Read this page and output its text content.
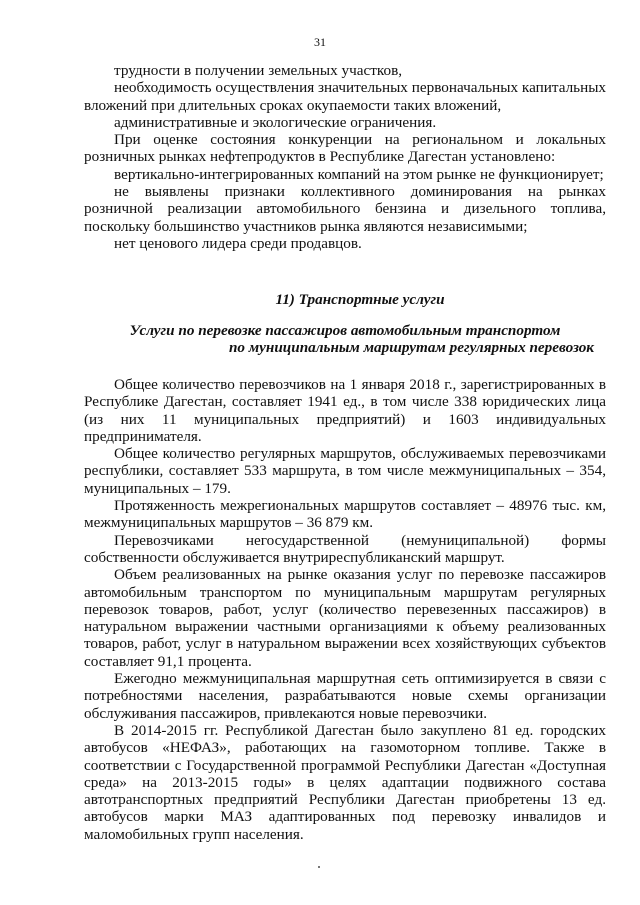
31

трудности в получении земельных участков,

необходимость осуществления значительных первоначальных капитальных вложений при длительных сроках окупаемости таких вложений,

административные и экологические ограничения.

При оценке состояния конкуренции на региональном и локальных розничных рынках нефтепродуктов в Республике Дагестан установлено:

вертикально-интегрированных компаний на этом рынке не функционирует;

не выявлены признаки коллективного доминирования на рынках розничной реализации автомобильного бензина и дизельного топлива, поскольку большинство участников рынка являются независимыми;

нет ценового лидера среди продавцов.

11) Транспортные услуги

Услуги по перевозке пассажиров автомобильным транспортом
по муниципальным маршрутам регулярных перевозок

Общее количество перевозчиков на 1 января 2018 г., зарегистрированных в Республике Дагестан, составляет 1941 ед., в том числе 338 юридических лица (из них 11 муниципальных предприятий) и 1603 индивидуальных предпринимателя.

Общее количество регулярных маршрутов, обслуживаемых перевозчиками республики, составляет 533 маршрута, в том числе межмуниципальных – 354, муниципальных – 179.

Протяженность межрегиональных маршрутов составляет – 48976 тыс. км, межмуниципальных маршрутов – 36 879 км.

Перевозчиками негосударственной (немуниципальной) формы собственности обслуживается внутриреспубликанский маршрут.

Объем реализованных на рынке оказания услуг по перевозке пассажиров автомобильным транспортом по муниципальным маршрутам регулярных перевозок товаров, работ, услуг (количество перевезенных пассажиров) в натуральном выражении частными организациями к объему реализованных товаров, работ, услуг в натуральном выражении всех хозяйствующих субъектов составляет 91,1 процента.

Ежегодно межмуниципальная маршрутная сеть оптимизируется в связи с потребностями населения, разрабатываются новые схемы организации обслуживания пассажиров, привлекаются новые перевозчики.

В 2014-2015 гг. Республикой Дагестан было закуплено 81 ед. городских автобусов «НЕФАЗ», работающих на газомоторном топливе. Также в соответствии с Государственной программой Республики Дагестан «Доступная среда» на 2013-2015 годы» в целях адаптации подвижного состава автотранспортных предприятий Республики Дагестан приобретены 13 ед. автобусов марки МАЗ адаптированных под перевозку инвалидов и маломобильных групп населения.
